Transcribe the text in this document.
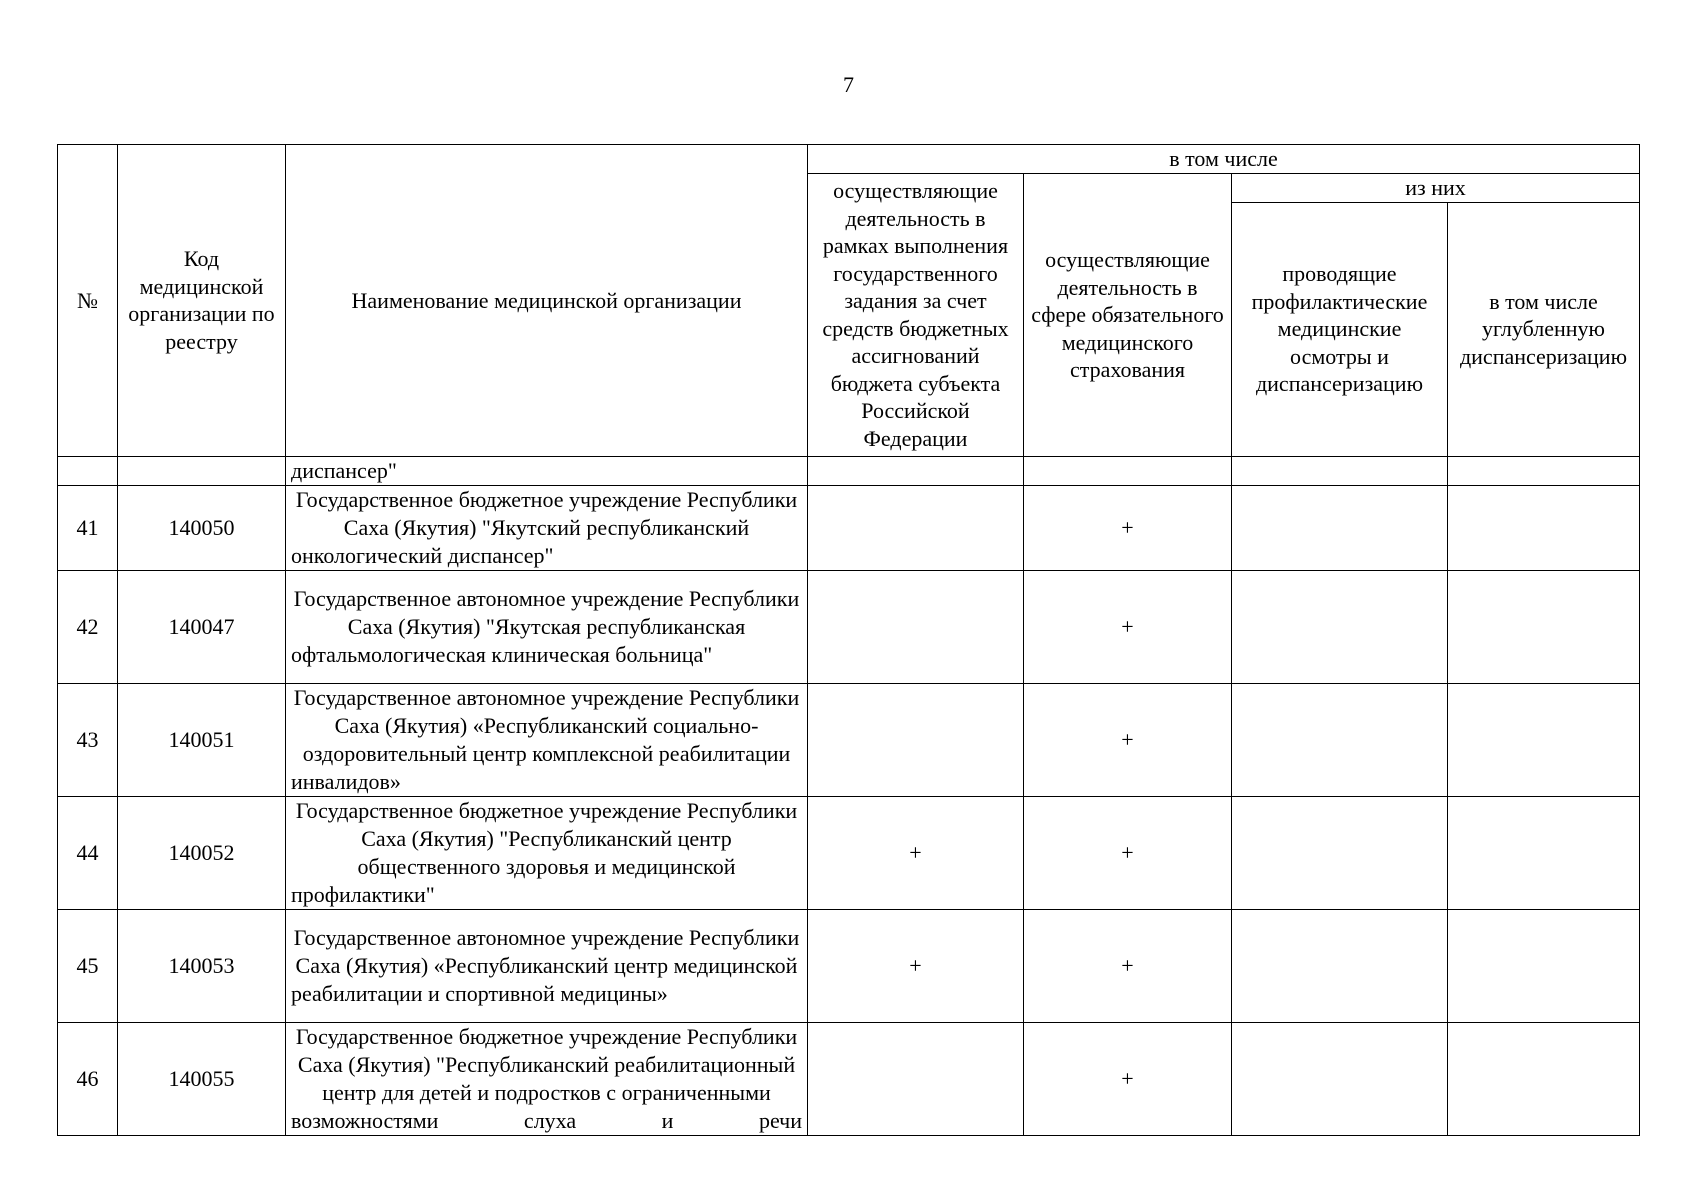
7
№	Код медицинской организации по реестру	Наименование медицинской организации	в том числе			
			осуществляющие деятельность в рамках выполнения государственного задания за счет средств бюджетных ассигнований бюджета субъекта Российской Федерации	осуществляющие деятельность в сфере обязательного медицинского страхования	из них	
					проводящие профилактические медицинские осмотры и диспансеризацию	в том числе углубленную диспансеризацию
		диспансер"				
41	140050	Государственное бюджетное учреждение Республики Саха (Якутия) "Якутский республиканский онкологический диспансер"		+		
42	140047	Государственное автономное учреждение Республики Саха (Якутия) "Якутская республиканская офтальмологическая клиническая больница"		+		
43	140051	Государственное автономное учреждение Республики Саха (Якутия) «Республиканский социально-оздоровительный центр комплексной реабилитации инвалидов»		+		
44	140052	Государственное бюджетное учреждение Республики Саха (Якутия) "Республиканский центр общественного здоровья и медицинской профилактики"	+	+		
45	140053	Государственное автономное учреждение Республики Саха (Якутия) «Республиканский центр медицинской реабилитации и спортивной медицины»	+	+		
46	140055	Государственное бюджетное учреждение Республики Саха (Якутия) "Республиканский реабилитационный центр для детей и подростков с ограниченными возможностями слуха и речи		+		
